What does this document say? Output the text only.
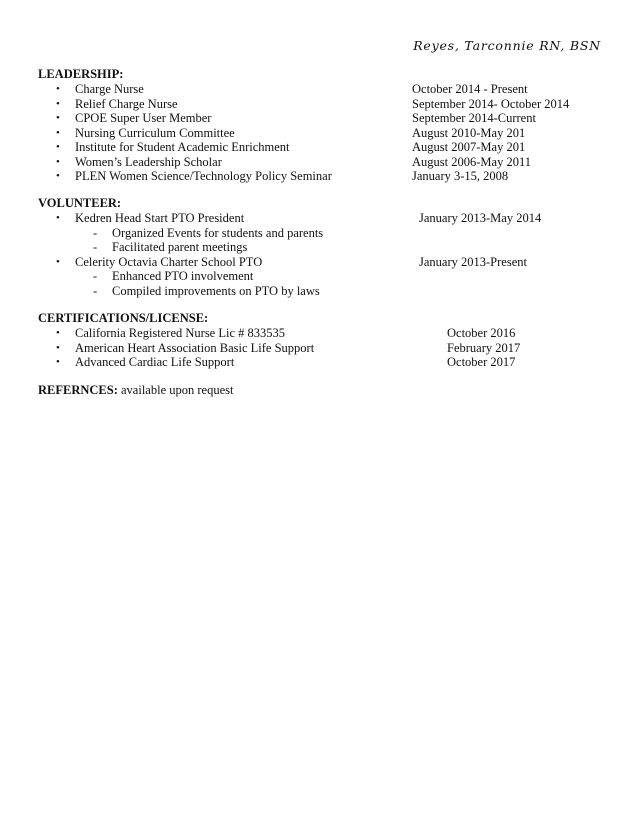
Reyes, Tarconnie RN, BSN
LEADERSHIP:
• Charge Nurse	October 2014 - Present
• Relief Charge Nurse	September 2014- October 2014
• CPOE Super User Member	September 2014-Current
• Nursing Curriculum Committee	August 2010-May 201
• Institute for Student Academic Enrichment	August 2007-May 201
• Women’s Leadership Scholar	August 2006-May 2011
• PLEN Women Science/Technology Policy Seminar	January 3-15, 2008
VOLUNTEER:
• Kedren Head Start PTO President	January 2013-May 2014
- Organized Events for students and parents
- Facilitated parent meetings
• Celerity Octavia Charter School PTO	January 2013-Present
- Enhanced PTO involvement
- Compiled improvements on PTO by laws
CERTIFICATIONS/LICENSE:
• California Registered Nurse Lic # 833535	October 2016
• American Heart Association Basic Life Support	February 2017
• Advanced Cardiac Life Support	October 2017
REFERNCES: available upon request
